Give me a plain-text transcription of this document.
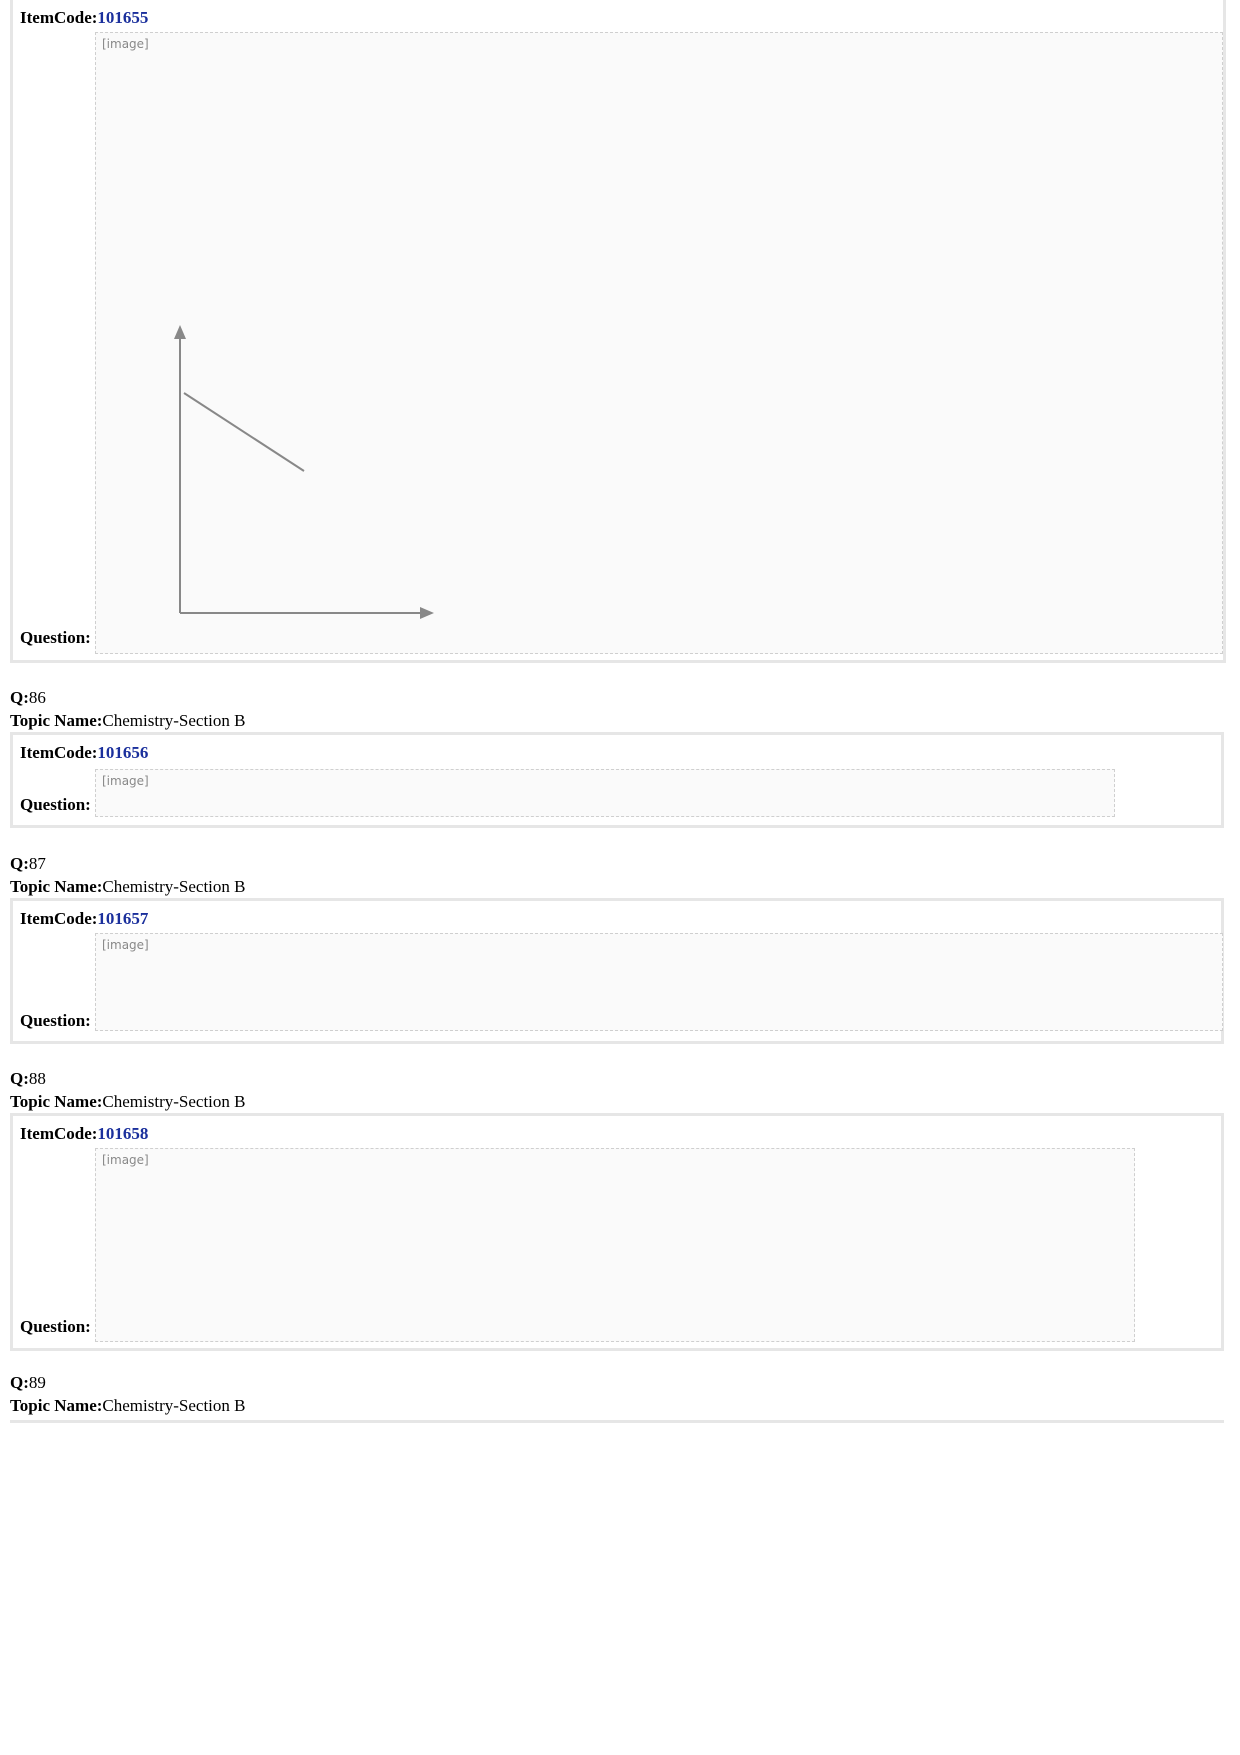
ItemCode:101655
[image]
Question:
Q:86
Topic Name:Chemistry-Section B
ItemCode:101656
[image]
Question:
Q:87
Topic Name:Chemistry-Section B
ItemCode:101657
[image]
Question:
Q:88
Topic Name:Chemistry-Section B
ItemCode:101658
[image]
Question:
Q:89
Topic Name:Chemistry-Section B
